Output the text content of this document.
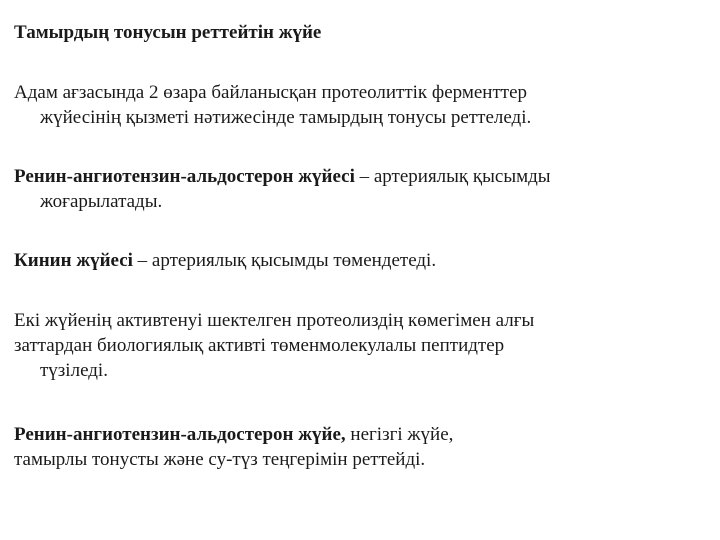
Тамырдың тонусын реттейтін жүйе
Адам ағзасында 2 өзара байланысқан протеолиттік ферменттер
жүйесінің қызметі нәтижесінде тамырдың тонусы реттеледі.
Ренин-ангиотензин-альдостерон жүйесі – артериялық қысымды
жоғарылатады.
Кинин жүйесі – артериялық қысымды төмендетеді.
Екі жүйенің активтенуі шектелген протеолиздің көмегімен алғы
заттардан биологиялық активті төменмолекулалы пептидтер
түзіледі.
Ренин-ангиотензин-альдостерон жүйе, негізгі жүйе,
тамырлы тонусты және су-түз теңгерімін реттейді.
